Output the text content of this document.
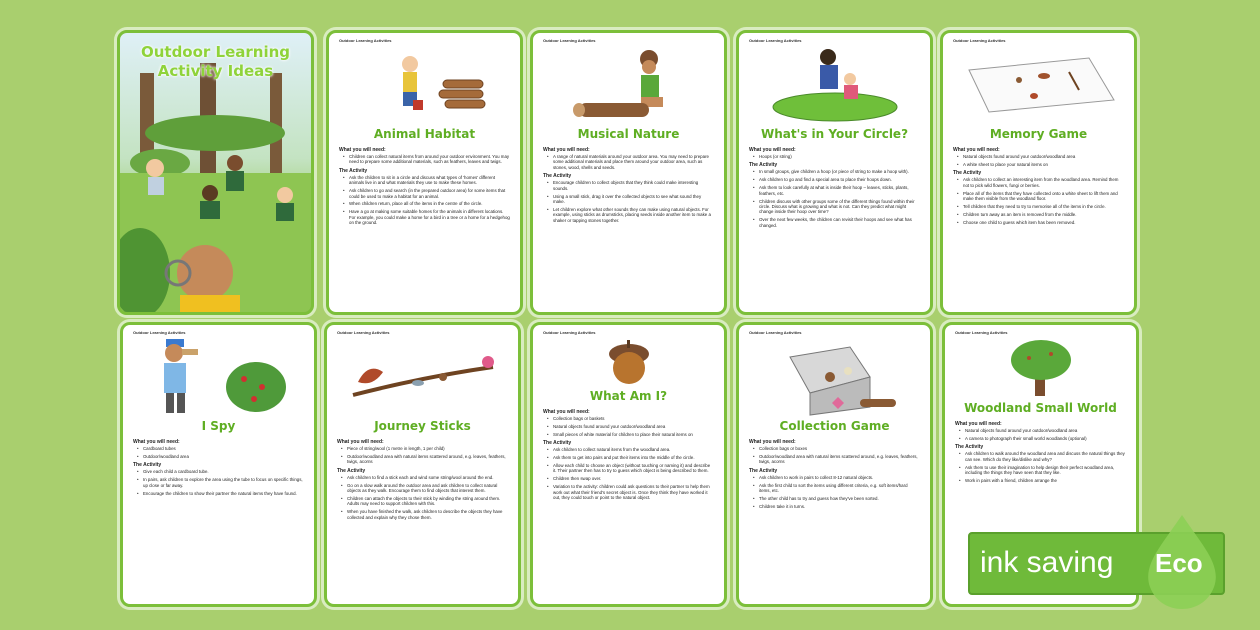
Outdoor Learning
Activity Ideas
Outdoor Learning Activities
Animal Habitat
What you will need:
• Children can collect natural items from around your outdoor environment. You may need to prepare some additional materials, such as feathers, leaves and twigs.
The Activity
• Ask the children to sit in a circle and discuss what types of 'homes' different animals live in and what materials they use to make these homes.
• Ask children to go and search (in the prepared outdoor area) for some items that could be used to make a habitat for an animal.
• When children return, place all of the items in the centre of the circle.
• Have a go at making some suitable homes for the animals in different locations. For example, you could make a home for a bird in a tree or a home for a hedgehog on the ground.
Outdoor Learning Activities
Musical Nature
What you will need:
• A range of natural materials around your outdoor area. You may need to prepare some additional materials and place them around your outdoor area, such as stones, wood, shells and seeds.
The Activity
• Encourage children to collect objects that they think could make interesting sounds.
• Using a small stick, drag it over the collected objects to see what sound they make.
• Let children explore what other sounds they can make using natural objects. For example, using sticks as drumsticks, placing seeds inside another item to make a shaker or tapping stones together.
Outdoor Learning Activities
What's in Your Circle?
What you will need:
• Hoops (or string)
The Activity
• In small groups, give children a hoop (or piece of string to make a hoop with).
• Ask children to go and find a special area to place their hoops down.
• Ask them to look carefully at what is inside their hoop – leaves, sticks, plants, feathers, etc.
• Children discuss with other groups some of the different things found within their circle. Discuss what is growing and what is not. Can they predict what might change inside their hoop over time?
• Over the next few weeks, the children can revisit their hoops and see what has changed.
Outdoor Learning Activities
Memory Game
What you will need:
• Natural objects found around your outdoor/woodland area
• A white sheet to place your natural items on
The Activity
• Ask children to collect an interesting item from the woodland area. Remind them not to pick wild flowers, fungi or berries.
• Place all of the items that they have collected onto a white sheet to lift them and make them visible from the woodland floor.
• Tell children that they need to try to memorise all of the items in the circle.
• Children turn away as an item is removed from the middle.
• Choose one child to guess which item has been removed.
Outdoor Learning Activities
I Spy
What you will need:
• Cardboard tubes
• Outdoor/woodland area
The Activity
• Give each child a cardboard tube.
• In pairs, ask children to explore the area using the tube to focus on specific things, up close or far away.
• Encourage the children to show their partner the natural items they have found.
Outdoor Learning Activities
Journey Sticks
What you will need:
• Piece of string/wool (1 metre in length, 1 per child)
• Outdoor/woodland area with natural items scattered around, e.g. leaves, feathers, twigs, acorns
The Activity
• Ask children to find a stick each and wind some string/wool around the end.
• Go on a slow walk around the outdoor area and ask children to collect natural objects as they walk. Encourage them to find objects that interest them.
• Children can attach the objects to their stick by winding the string around them. Adults may need to support children with this.
• When you have finished the walk, ask children to describe the objects they have collected and explain why they chose them.
Outdoor Learning Activities
What Am I?
What you will need:
• Collection bags or baskets
• Natural objects found around your outdoor/woodland area
• Small pieces of white material for children to place their natural items on
The Activity
• Ask children to collect natural items from the woodland area.
• Ask them to get into pairs and put their items into the middle of the circle.
• Allow each child to choose an object (without touching or naming it) and describe it. Their partner then has to try to guess which object is being described to them.
• Children then swap over.
• Variation to the activity: children could ask questions to their partner to help them work out what their friend's secret object is. Once they think they have worked it out, they could touch or point to the natural object.
Outdoor Learning Activities
Collection Game
What you will need:
• Collection bags or boxes
• Outdoor/woodland area with natural items scattered around, e.g. leaves, feathers, twigs, acorns
The Activity
• Ask children to work in pairs to collect 8-12 natural objects.
• Ask the first child to sort the items using different criteria, e.g. soft items/hard items, etc.
• The other child has to try and guess how they've been sorted.
• Children take it in turns.
Outdoor Learning Activities
Woodland Small World
What you will need:
• Natural objects found around your outdoor/woodland area
• A camera to photograph their small world woodlands (optional)
The Activity
• Ask children to walk around the woodland area and discuss the natural things they can see. Which do they like/dislike and why?
• Ask them to use their imagination to help design their perfect woodland area, including the things they have seen that they like.
• Work in pairs with a friend, children arrange the
ink saving Eco
